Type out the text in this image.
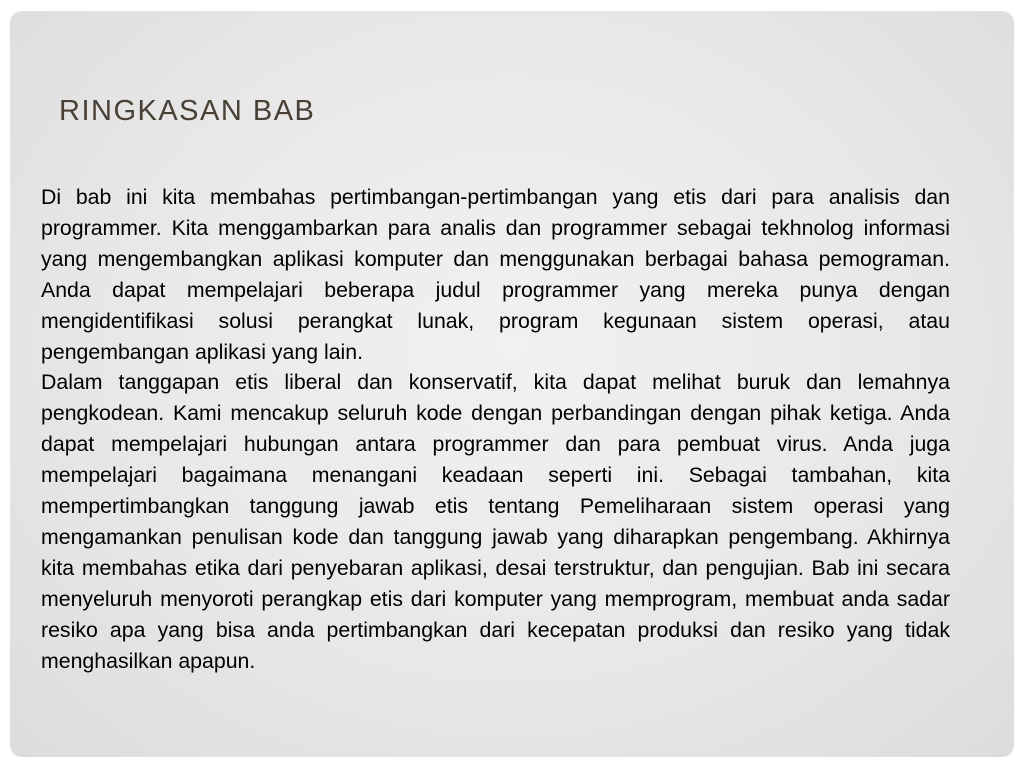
RINGKASAN BAB

Di bab ini kita membahas pertimbangan-pertimbangan yang etis dari para analisis dan programmer. Kita menggambarkan para analis dan programmer sebagai tekhnolog informasi yang mengembangkan aplikasi komputer dan menggunakan berbagai bahasa pemograman. Anda dapat mempelajari beberapa judul programmer yang mereka punya dengan mengidentifikasi solusi perangkat lunak, program kegunaan sistem operasi, atau pengembangan aplikasi yang lain.

Dalam tanggapan etis liberal dan konservatif, kita dapat melihat buruk dan lemahnya pengkodean. Kami mencakup seluruh kode dengan perbandingan dengan pihak ketiga. Anda dapat mempelajari hubungan antara programmer dan para pembuat virus. Anda juga mempelajari bagaimana menangani keadaan seperti ini. Sebagai tambahan, kita mempertimbangkan tanggung jawab etis tentang Pemeliharaan sistem operasi yang mengamankan penulisan kode dan tanggung jawab yang diharapkan pengembang. Akhirnya kita membahas etika dari penyebaran aplikasi, desai terstruktur, dan pengujian. Bab ini secara menyeluruh menyoroti perangkap etis dari komputer yang memprogram, membuat anda sadar resiko apa yang bisa anda pertimbangkan dari kecepatan produksi dan resiko yang tidak menghasilkan apapun.
